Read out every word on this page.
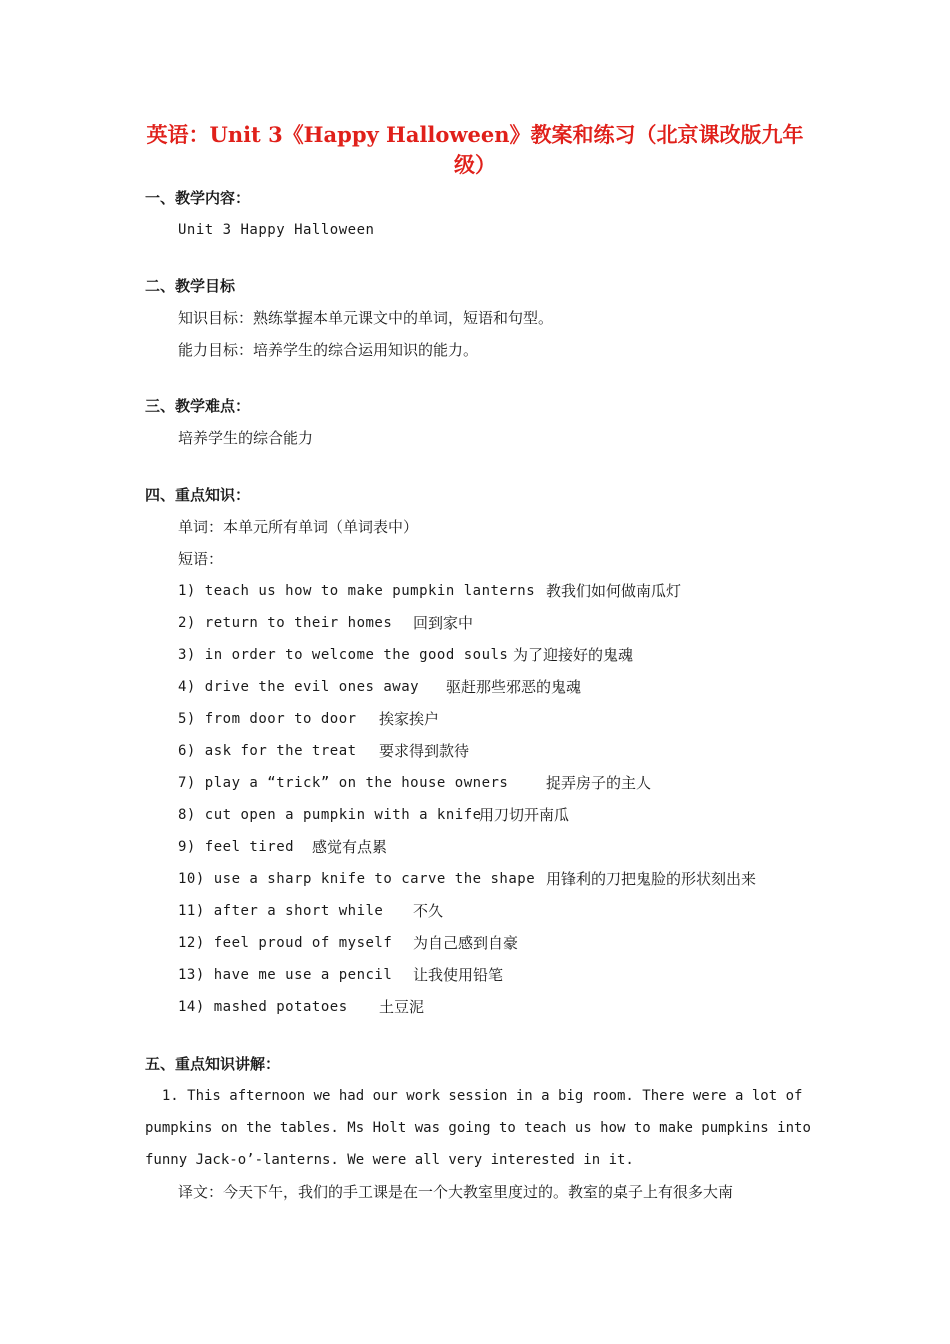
英语：Unit 3《Happy Halloween》教案和练习（北京课改版九年
级）
一、教学内容：
Unit 3 Happy Halloween
二、教学目标
知识目标：熟练掌握本单元课文中的单词，短语和句型。
能力目标：培养学生的综合运用知识的能力。
三、教学难点：
培养学生的综合能力
四、重点知识：
单词：本单元所有单词（单词表中）
短语：
1) teach us how to make pumpkin lanterns 教我们如何做南瓜灯
2) return to their homes 回到家中
3) in order to welcome the good souls 为了迎接好的鬼魂
4) drive the evil ones away 驱赶那些邪恶的鬼魂
5) from door to door 挨家挨户
6) ask for the treat 要求得到款待
7) play a “trick” on the house owners	捉弄房子的主人
8) cut open a pumpkin with a knife
用刀切开南瓜
9) feel tired 感觉有点累
10) use a sharp knife to carve the shape 用锋利的刀把鬼脸的形状刻出来
11) after a short while 不久
12) feel proud of myself 为自己感到自豪
13) have me use a pencil 让我使用铅笔
14) mashed potatoes 土豆泥
五、重点知识讲解：
1. This afternoon we had our work session in a big room. There were a lot of
pumpkins on the tables. Ms Holt was going to teach us how to make pumpkins into
funny Jack-o’-lanterns. We were all very interested in it.
译文：今天下午，我们的手工课是在一个大教室里度过的。教室的桌子上有很多大南
